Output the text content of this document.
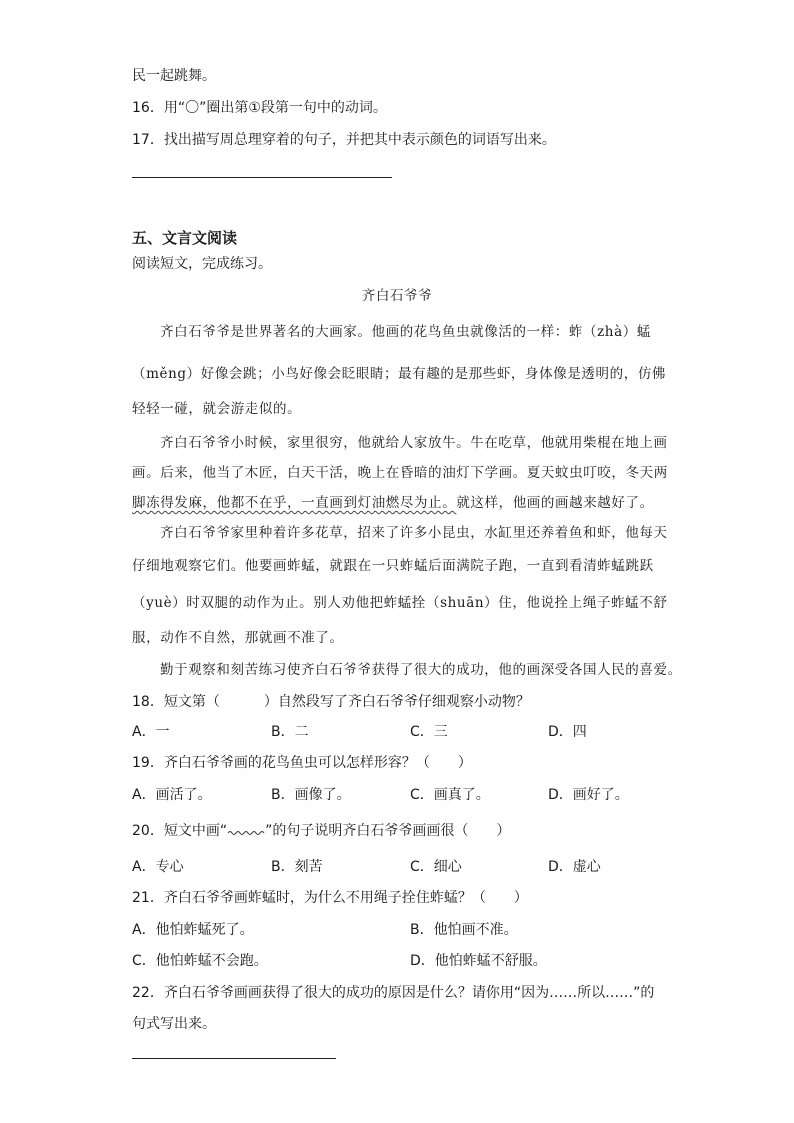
民一起跳舞。
16．用“〇”圈出第①段第一句中的动词。
17．找出描写周总理穿着的句子，并把其中表示颜色的词语写出来。
五、文言文阅读
阅读短文，完成练习。
齐白石爷爷
齐白石爷爷是世界著名的大画家。他画的花鸟鱼虫就像活的一样：蚱（zhà）蜢
（měng）好像会跳；小鸟好像会眨眼睛；最有趣的是那些虾，身体像是透明的，仿佛
轻轻一碰，就会游走似的。
齐白石爷爷小时候，家里很穷，他就给人家放牛。牛在吃草，他就用柴棍在地上画
画。后来，他当了木匠，白天干活，晚上在昏暗的油灯下学画。夏天蚊虫叮咬，冬天两
脚冻得发麻，他都不在乎，一直画到灯油燃尽为止。就这样，他画的画越来越好了。
齐白石爷爷家里种着许多花草，招来了许多小昆虫，水缸里还养着鱼和虾，他每天
仔细地观察它们。他要画蚱蜢，就跟在一只蚱蜢后面满院子跑，一直到看清蚱蜢跳跃
（yuè）时双腿的动作为止。别人劝他把蚱蜢拴（shuān）住，他说拴上绳子蚱蜢不舒
服，动作不自然，那就画不准了。
勤于观察和刻苦练习使齐白石爷爷获得了很大的成功，他的画深受各国人民的喜爱。
18．短文第（	）自然段写了齐白石爷爷仔细观察小动物？
A．一	B．二	C．三	D．四
19．齐白石爷爷画的花鸟鱼虫可以怎样形容？（　　）
A．画活了。	B．画像了。	C．画真了。	D．画好了。
20．短文中画“	”的句子说明齐白石爷爷画画很（　　）
A．专心	B．刻苦	C．细心	D．虚心
21．齐白石爷爷画蚱蜢时，为什么不用绳子拴住蚱蜢？（　　）
A．他怕蚱蜢死了。	B．他怕画不准。
C．他怕蚱蜢不会跑。	D．他怕蚱蜢不舒服。
22．齐白石爷爷画画获得了很大的成功的原因是什么？请你用“因为……所以……”的
句式写出来。
